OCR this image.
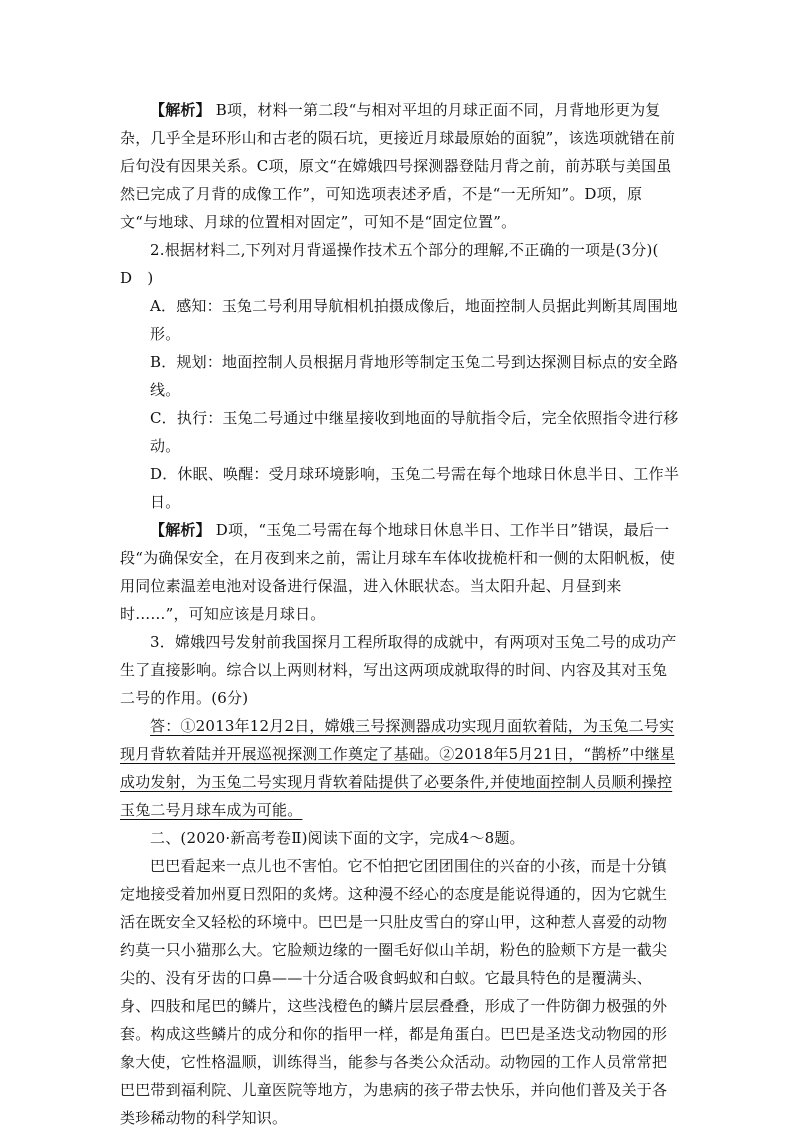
【解析】 B项，材料一第二段“与相对平坦的月球正面不同，月背地形更为复杂，几乎全是环形山和古老的陨石坑，更接近月球最原始的面貌”，该选项就错在前后句没有因果关系。C项，原文“在嫦娥四号探测器登陆月背之前，前苏联与美国虽然已完成了月背的成像工作”，可知选项表述矛盾，不是“一无所知”。D项，原文“与地球、月球的位置相对固定”，可知不是“固定位置”。

2.根据材料二,下列对月背遥操作技术五个部分的理解,不正确的一项是(3分)(　D　)

A．感知：玉兔二号利用导航相机拍摄成像后，地面控制人员据此判断其周围地形。

B．规划：地面控制人员根据月背地形等制定玉兔二号到达探测目标点的安全路线。

C．执行：玉兔二号通过中继星接收到地面的导航指令后，完全依照指令进行移动。

D．休眠、唤醒：受月球环境影响，玉兔二号需在每个地球日休息半日、工作半日。

【解析】 D项，“玉兔二号需在每个地球日休息半日、工作半日”错误，最后一段“为确保安全，在月夜到来之前，需让月球车车体收拢桅杆和一侧的太阳帆板，使用同位素温差电池对设备进行保温，进入休眠状态。当太阳升起、月昼到来时……”，可知应该是月球日。

3．嫦娥四号发射前我国探月工程所取得的成就中，有两项对玉兔二号的成功产生了直接影响。综合以上两则材料，写出这两项成就取得的时间、内容及其对玉兔二号的作用。(6分)

答：①2013年12月2日，嫦娥三号探测器成功实现月面软着陆，为玉兔二号实现月背软着陆并开展巡视探测工作奠定了基础。②2018年5月21日，“鹊桥”中继星成功发射，为玉兔二号实现月背软着陆提供了必要条件,并使地面控制人员顺利操控玉兔二号月球车成为可能。

二、(2020·新高考卷Ⅱ)阅读下面的文字，完成4～8题。

巴巴看起来一点儿也不害怕。它不怕把它团团围住的兴奋的小孩，而是十分镇定地接受着加州夏日烈阳的炙烤。这种漫不经心的态度是能说得通的，因为它就生活在既安全又轻松的环境中。巴巴是一只肚皮雪白的穿山甲，这种惹人喜爱的动物约莫一只小猫那么大。它脸颊边缘的一圈毛好似山羊胡，粉色的脸颊下方是一截尖尖的、没有牙齿的口鼻——十分适合吸食蚂蚁和白蚁。它最具特色的是覆满头、身、四肢和尾巴的鳞片，这些浅橙色的鳞片层层叠叠，形成了一件防御力极强的外套。构成这些鳞片的成分和你的指甲一样，都是角蛋白。巴巴是圣迭戈动物园的形象大使，它性格温顺，训练得当，能参与各类公众活动。动物园的工作人员常常把巴巴带到福利院、儿童医院等地方，为患病的孩子带去快乐，并向他们普及关于各类珍稀动物的科学知识。
